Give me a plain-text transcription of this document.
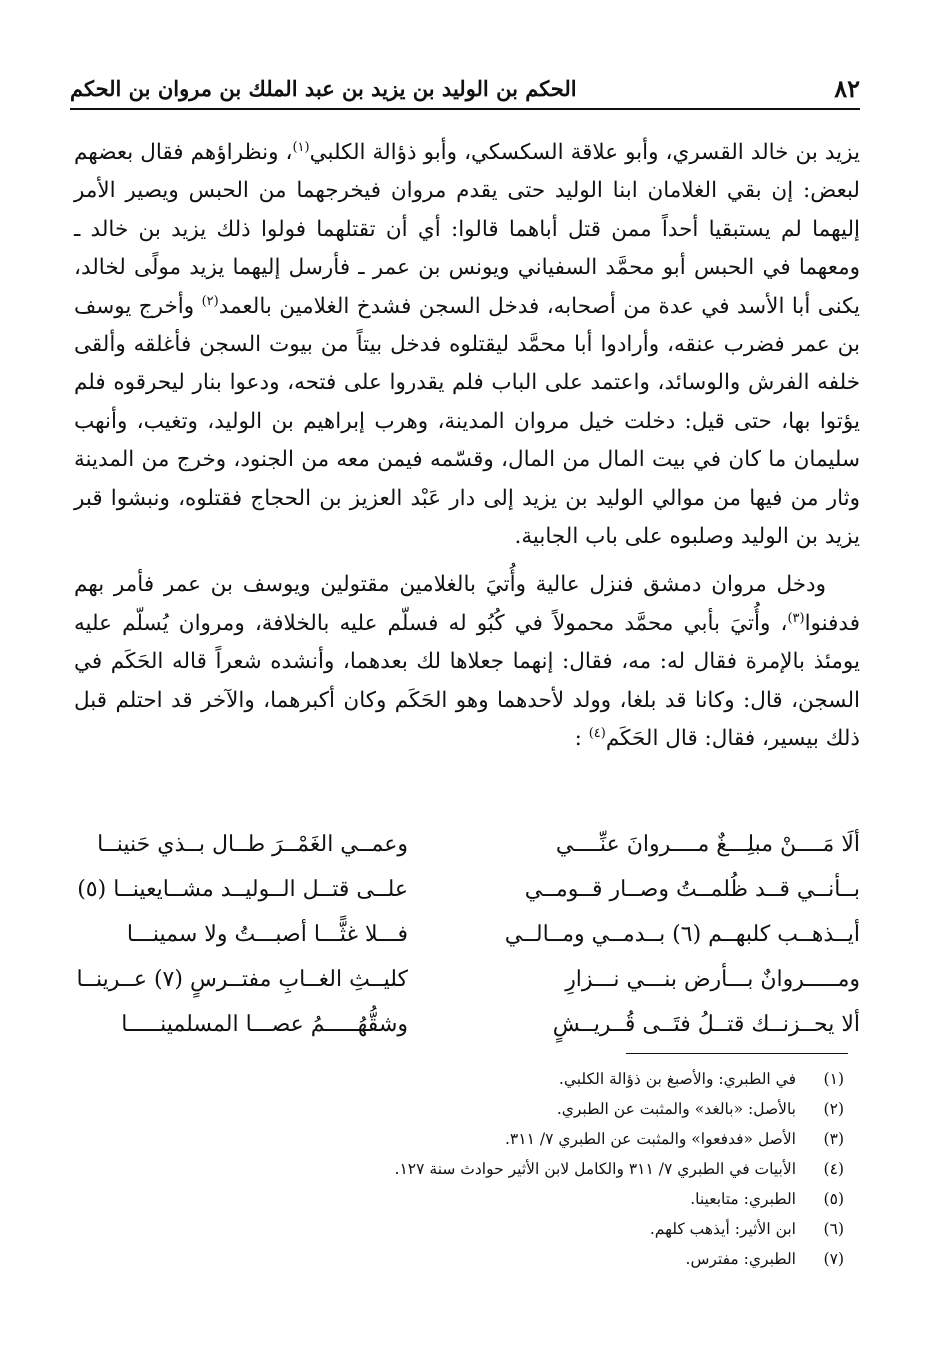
٨٢
الحكم بن الوليد بن يزيد بن عبد الملك بن مروان بن الحكم

يزيد بن خالد القسري، وأبو علاقة السكسكي، وأبو ذؤالة الكلبي$^{(١)}$، ونظراؤهم فقال بعضهم لبعض: إن بقي الغلامان ابنا الوليد حتى يقدم مروان فيخرجهما من الحبس ويصير الأمر إليهما لم يستبقيا أحداً ممن قتل أباهما قالوا: أي أن تقتلهما فولوا ذلك يزيد بن خالد ـ ومعهما في الحبس أبو محمَّد السفياني ويونس بن عمر ـ فأرسل إليهما يزيد مولًى لخالد، يكنى أبا الأسد في عدة من أصحابه، فدخل السجن فشدخ الغلامين بالعمد$^{(٢)}$ وأخرج يوسف بن عمر فضرب عنقه، وأرادوا أبا محمَّد ليقتلوه فدخل بيتاً من بيوت السجن فأغلقه وألقى خلفه الفرش والوسائد، واعتمد على الباب فلم يقدروا على فتحه، ودعوا بنار ليحرقوه فلم يؤتوا بها، حتى قيل: دخلت خيل مروان المدينة، وهرب إبراهيم بن الوليد، وتغيب، وأنهب سليمان ما كان في بيت المال من المال، وقسّمه فيمن معه من الجنود، وخرج من المدينة وثار من فيها من موالي الوليد بن يزيد إلى دار عَبْد العزيز بن الحجاج فقتلوه، ونبشوا قبر يزيد بن الوليد وصلبوه على باب الجابية.

ودخل مروان دمشق فنزل عالية وأُتيَ بالغلامين مقتولين ويوسف بن عمر فأمر بهم فدفنوا$^{(٣)}$، وأُتيَ بأبي محمَّد محمولاً في كُبُو له فسلّم عليه بالخلافة، ومروان يُسلّم عليه يومئذ بالإمرة فقال له: مه، فقال: إنهما جعلاها لك بعدهما، وأنشده شعراً قاله الحَكَم في السجن، قال: وكانا قد بلغا، وولد لأحدهما وهو الحَكَم وكان أكبرهما، والآخر قد احتلم قبل ذلك بيسير، فقال: قال الحَكَم$^{(٤)}$ :

ألَا مَــــنْ مبلِـــغٌ مــــروانَ عنِّــــي
وعمــي الغَمْــرَ طــال بــذي حَنينــا
بــأنــي قــد ظُلمــتُ وصــار قــومــي
علــى قتــل الــوليــد مشــايعينــا (٥)
أيــذهــب كلبهــم (٦) بــدمــي ومــالــي
فـــلا غثًّـــا أصبـــتُ ولا سمينـــا
ومـــــروانٌ بـــأرض بنـــي نـــزارِ
كليــثِ الغــابِ مفتــرسٍ (٧) عــرينــا
ألا يحــزنــك قتــلُ فتَــى قُــريــشٍ
وشقُّهُـــــمُ عصـــا المسلمينـــــا
(١)
في الطبري: والأصبغ بن ذؤالة الكلبي.
(٢)
بالأصل: «بالغد» والمثبت عن الطبري.
(٣)
الأصل «فدفعوا» والمثبت عن الطبري ٧/ ٣١١.
(٤)
الأبيات في الطبري ٧/ ٣١١ والكامل لابن الأثير حوادث سنة ١٢٧.
(٥)
الطبري: متابعينا.
(٦)
ابن الأثير: أيذهب كلهم.
(٧)
الطبري: مفترس.
